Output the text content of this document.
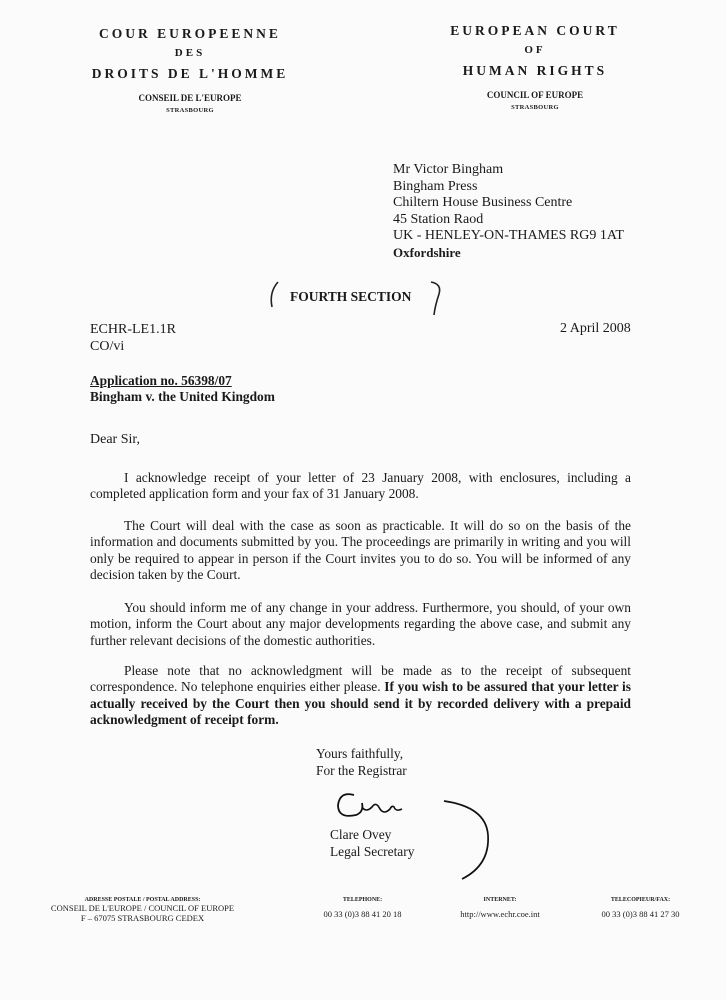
COUR EUROPEENNE
DES
DROITS DE L'HOMME
CONSEIL DE L'EUROPE
STRASBOURG
EUROPEAN COURT
OF
HUMAN RIGHTS
COUNCIL OF EUROPE
STRASBOURG
Mr Victor Bingham
Bingham Press
Chiltern House Business Centre
45 Station Raod
UK - HENLEY-ON-THAMES RG9 1AT
Oxfordshire
FOURTH SECTION
ECHR-LE1.1R
CO/vi
2 April 2008
Application no. 56398/07
Bingham v. the United Kingdom
Dear Sir,
I acknowledge receipt of your letter of 23 January 2008, with enclosures, including a completed application form and your fax of 31 January 2008.
The Court will deal with the case as soon as practicable. It will do so on the basis of the information and documents submitted by you. The proceedings are primarily in writing and you will only be required to appear in person if the Court invites you to do so. You will be informed of any decision taken by the Court.
You should inform me of any change in your address. Furthermore, you should, of your own motion, inform the Court about any major developments regarding the above case, and submit any further relevant decisions of the domestic authorities.
Please note that no acknowledgment will be made as to the receipt of subsequent correspondence. No telephone enquiries either please. If you wish to be assured that your letter is actually received by the Court then you should send it by recorded delivery with a prepaid acknowledgment of receipt form.
Yours faithfully,
For the Registrar
Clare Ovey
Legal Secretary
ADRESSE POSTALE / POSTAL ADDRESS:
CONSEIL DE L'EUROPE / COUNCIL OF EUROPE
F – 67075 STRASBOURG CEDEX
TELEPHONE:
00 33 (0)3 88 41 20 18
INTERNET:
http://www.echr.coe.int
TELECOPIEUR/FAX:
00 33 (0)3 88 41 27 30
